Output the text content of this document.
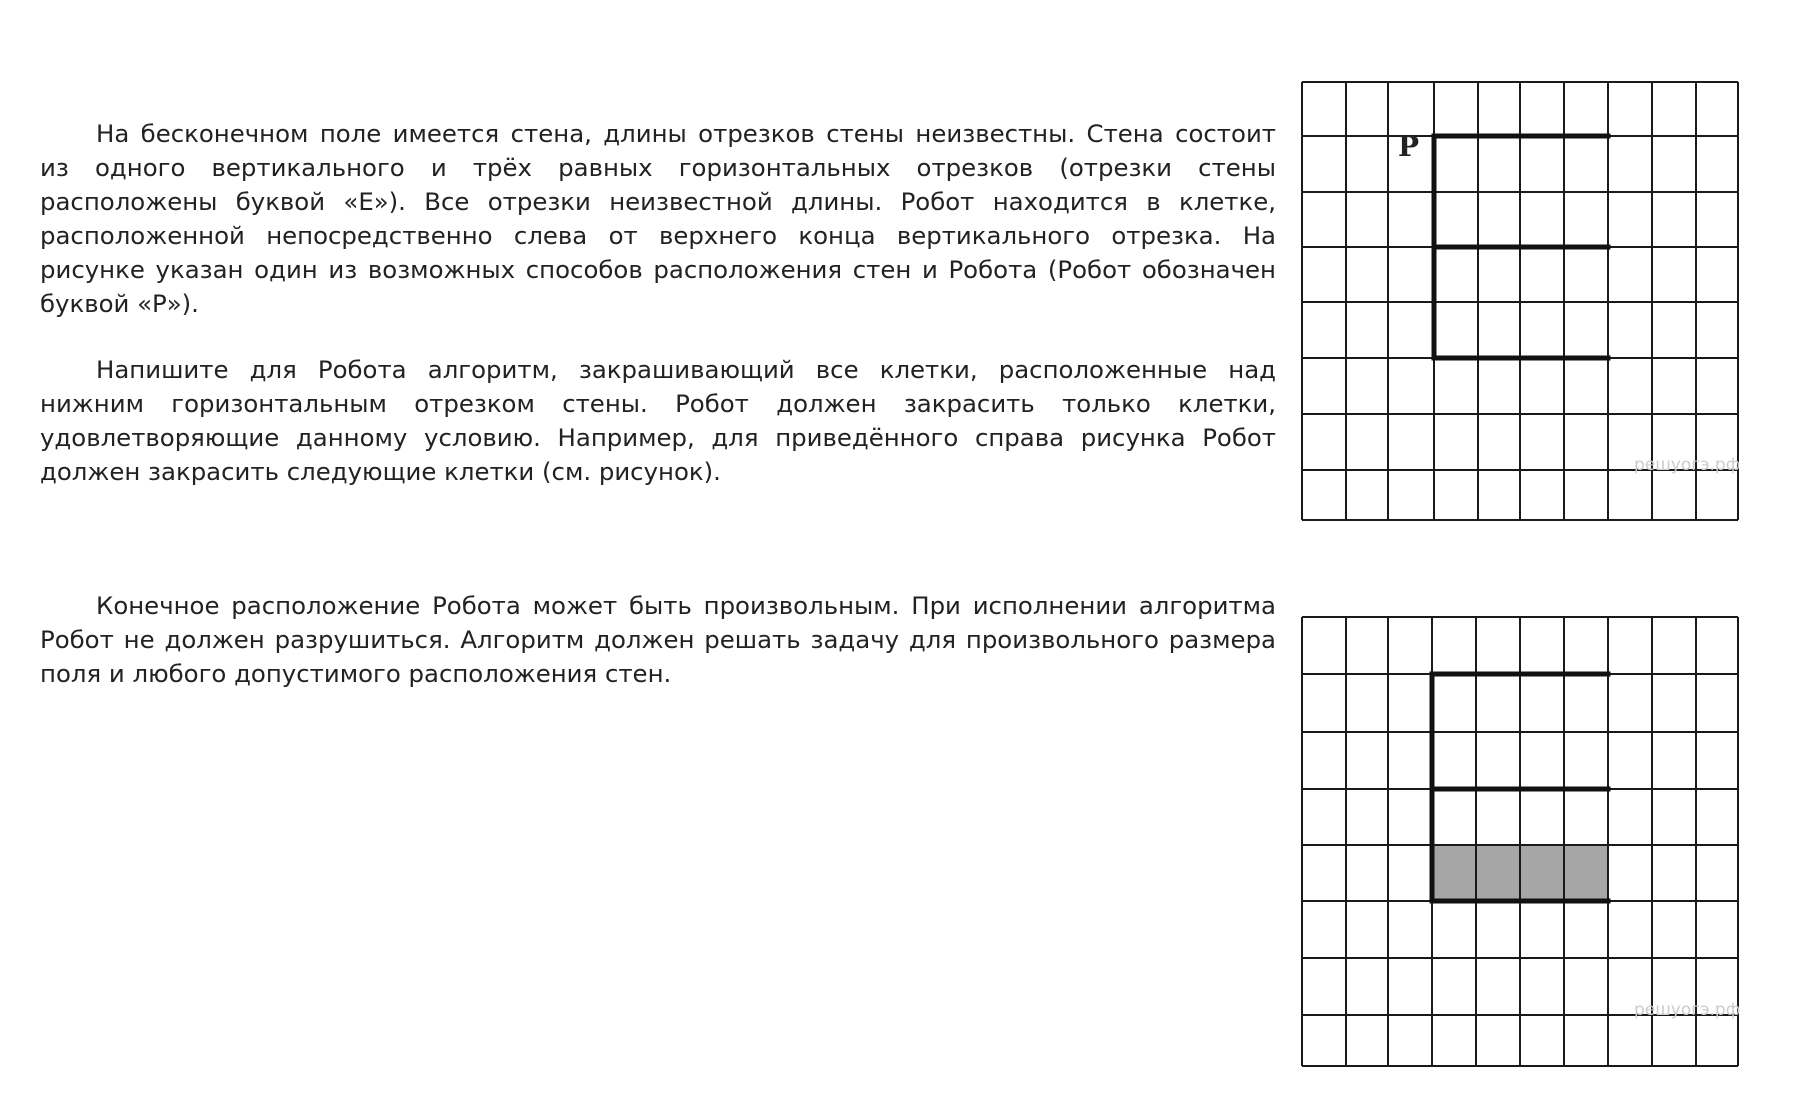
На бесконечном поле имеется стена, длины отрезков стены неизвестны. Стена состоит из одного вертикального и трёх равных горизонтальных отрезков (отрезки стены расположены буквой «E»). Все отрезки неизвестной длины. Робот находится в клетке, расположенной непосредственно слева от верхнего конца вертикального отрезка. На рисунке указан один из возможных способов расположения стен и Робота (Робот обозначен буквой «Р»).

Напишите для Робота алгоритм, закрашивающий все клетки, расположенные над нижним горизонтальным отрезком стены. Робот должен закрасить только клетки, удовлетворяющие данному условию. Например, для приведённого справа рисунка Робот должен закрасить следующие клетки (см. рисунок).

Конечное расположение Робота может быть произвольным. При исполнении алгоритма Робот не должен разрушиться. Алгоритм должен решать задачу для произвольного размера поля и любого допустимого расположения стен.

Р
решуогэ.рф
решуогэ.рф
